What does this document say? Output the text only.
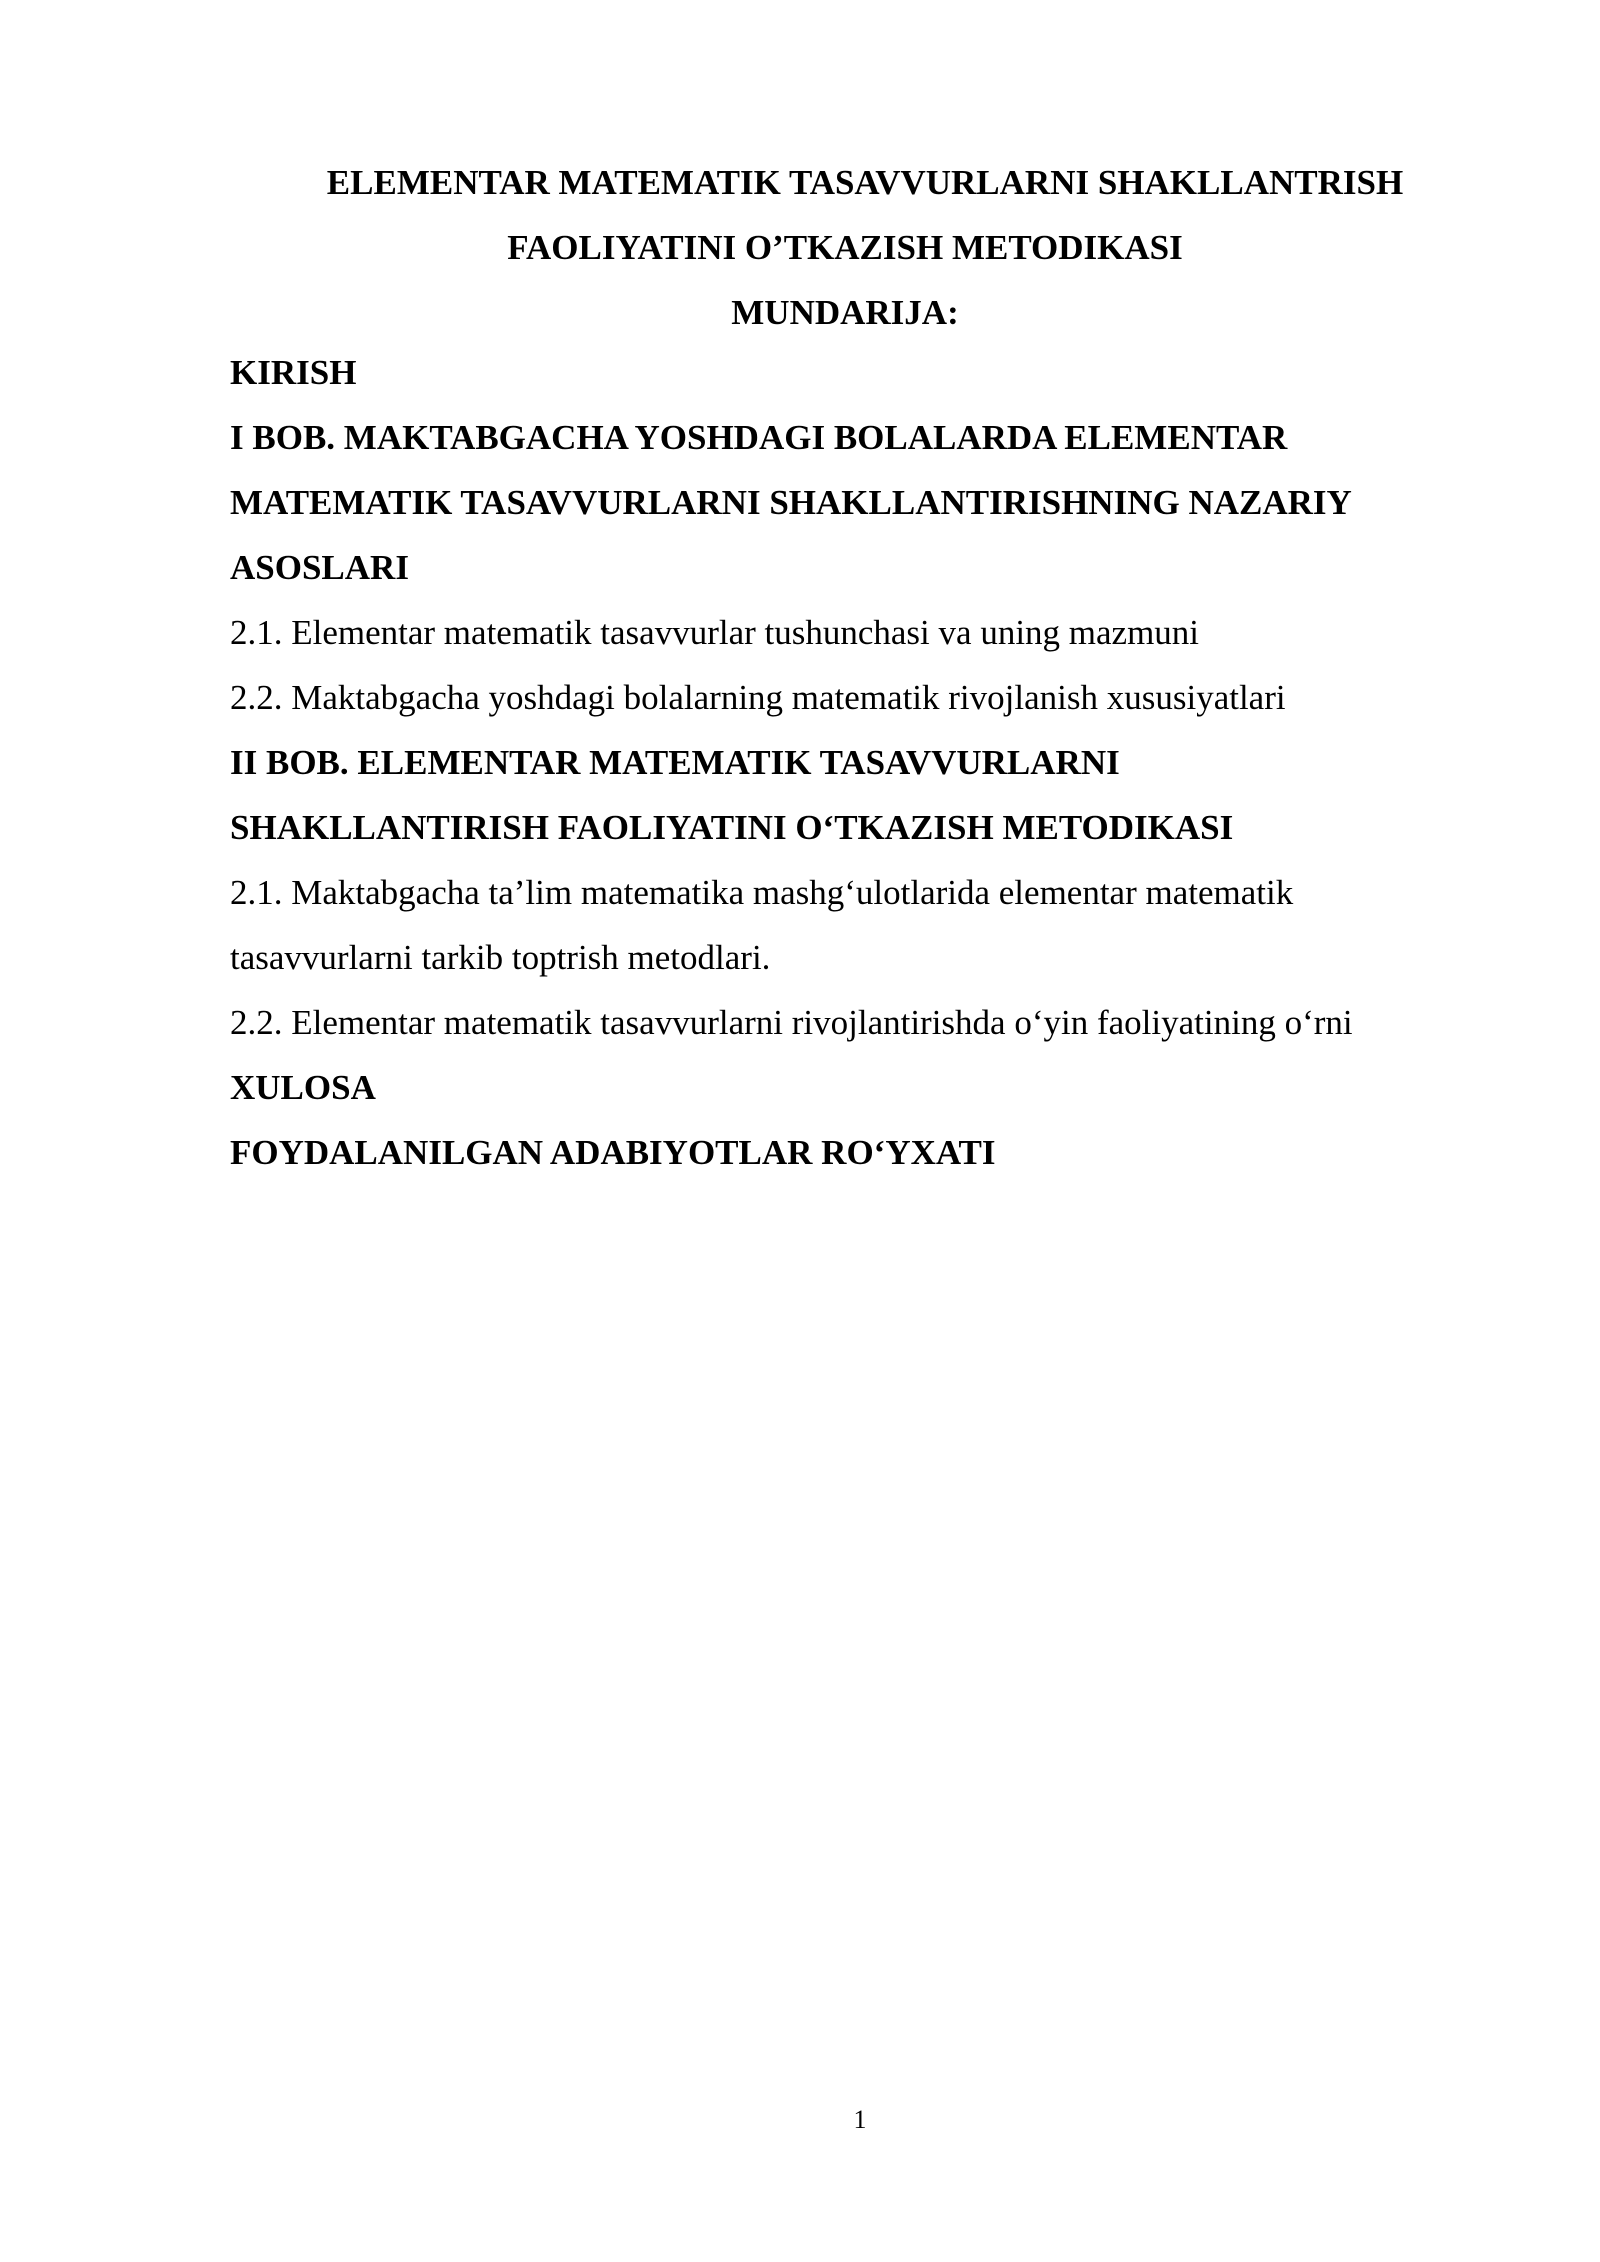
ELEMENTAR MATEMATIK TASAVVURLARNI SHAKLLANTRISH
FAOLIYATINI O’TKAZISH METODIKASI
MUNDARIJA:
KIRISH
I BOB. MAKTABGACHA YOSHDAGI BOLALARDA ELEMENTAR
MATEMATIK TASAVVURLARNI SHAKLLANTIRISHNING NAZARIY
ASOSLARI
2.1. Elementar matematik tasavvurlar tushunchasi va uning mazmuni
2.2. Maktabgacha yoshdagi bolalarning matematik rivojlanish xususiyatlari
II BOB. ELEMENTAR MATEMATIK TASAVVURLARNI
SHAKLLANTIRISH FAOLIYATINI O‘TKAZISH METODIKASI
2.1. Maktabgacha ta’lim matematika mashg‘ulotlarida elementar matematik
tasavvurlarni tarkib toptrish metodlari.
2.2. Elementar matematik tasavvurlarni rivojlantirishda o‘yin faoliyatining o‘rni
XULOSA
FOYDALANILGAN ADABIYOTLAR RO‘YXATI
1
